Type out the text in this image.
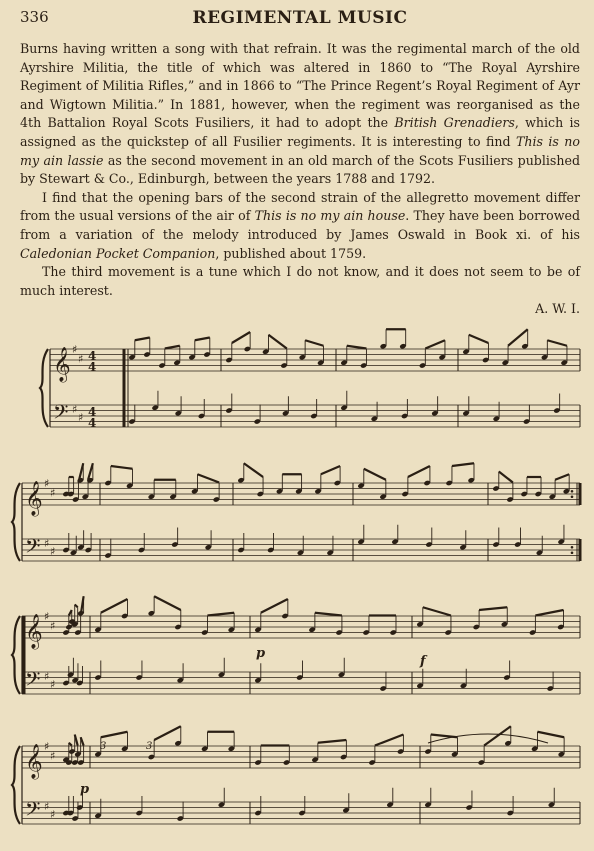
336	REGIMENTAL MUSIC

Burns having written a song with that refrain. It was the regimental march of the old Ayrshire Militia, the title of which was altered in 1860 to “The Royal Ayrshire Regiment of Militia Rifles,” and in 1866 to “The Prince Regent’s Royal Regiment of Ayr and Wigtown Militia.” In 1881, however, when the regiment was reorganised as the 4th Battalion Royal Scots Fusiliers, it had to adopt the British Grenadiers, which is assigned as the quickstep of all Fusilier regiments. It is interesting to find This is no my ain lassie as the second movement in an old march of the Scots Fusiliers published by Stewart & Co., Edinburgh, between the years 1788 and 1792.

I find that the opening bars of the second strain of the allegretto movement differ from the usual versions of the air of This is no my ain house. They have been borrowed from a variation of the melody introduced by James Oswald in Book xi. of his Caledonian Pocket Companion, published about 1759.

The third movement is a tune which I do not know, and it does not seem to be of much interest.

A. W. I.
𝄞
𝄢
♯
♯
♯
♯
4
4
4
4
𝄞
𝄢
♯
♯
♯
♯
𝄞
𝄢
♯
♯
♯
♯
𝄞
𝄢
♯
♯
♯
♯
p
f
p
3	3
